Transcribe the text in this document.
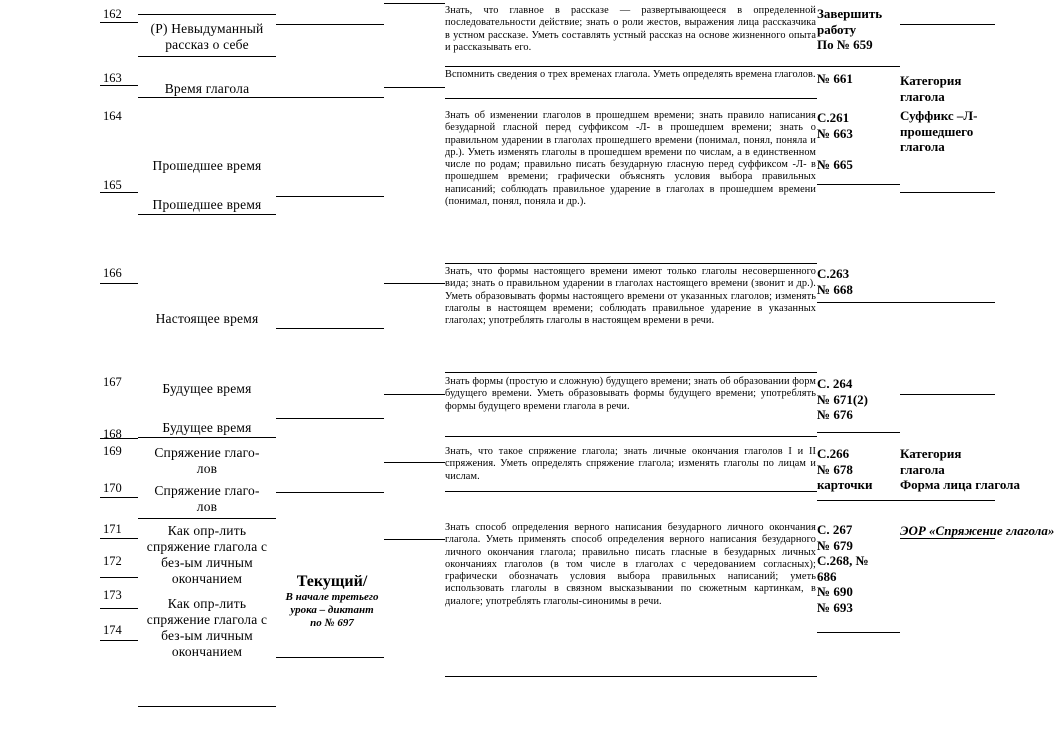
162
163
164
165
166
167
168
169
170
171
172
173
174
(Р) Невыдуманный рассказ о себе
Время глагола
Прошедшее время
Прошедшее время
Настоящее время
Будущее время
Будущее время
Спряжение глаго-лов
Спряжение глаго-лов
Как опр-лить спряжение глагола с без-ым личным окончанием
Как опр-лить спряжение глагола с без-ым личным окончанием
Текущий/
В начале третьего урока – диктант по № 697
Знать, что главное в рассказе — развертывающееся в определенной последовательности действие; знать о роли жестов, выражения лица рассказчика в устном рассказе. Уметь составлять устный рассказ на основе жизненного опыта и рассказывать его.
Вспомнить сведения о трех временах глагола. Уметь определять времена глаголов.
Знать об изменении глаголов в прошедшем времени; знать правило написания безударной гласной перед суффиксом -Л- в прошедшем времени; знать о правильном ударении в глаголах прошедшего времени (понимал, понял, поняла и др.). Уметь изменять глаголы в прошедшем времени по числам, а в единственном числе по родам; правильно писать безударную гласную перед суффиксом -Л- в прошедшем времени; графически объяснять условия выбора правильных написаний; соблюдать правильное ударение в глаголах в прошедшем времени (понимал, понял, поняла и др.).
Знать, что формы настоящего времени имеют только глаголы несовершенного вида; знать о правильном ударении в глаголах настоящего времени (звонит и др.). Уметь образовывать формы настоящего времени от указанных глаголов; изменять глаголы в настоящем времени; соблюдать правильное ударение в указанных глаголах; употреблять глаголы в настоящем времени в речи.
Знать формы (простую и сложную) будущего времени; знать об образовании форм будущего времени. Уметь образовывать формы будущего времени; употреблять формы будущего времени глагола в речи.
Знать, что такое спряжение глагола; знать личные окончания глаголов I и II спряжения. Уметь определять спряжение глагола; изменять глаголы по лицам и числам.
Знать способ определения верного написания безударного личного окончания глагола. Уметь применять способ определения верного написания безударного личного окончания глагола; правильно писать гласные в безударных личных окончаниях глаголов (в том числе в глаголах с чередованием согласных); графически обозначать условия выбора правильных написаний; уметь использовать глаголы в связном высказывании по сюжетным картинкам, в диалоге; употреблять глаголы-синонимы в речи.
Завершить
работу
По № 659
№ 661
С.261
№ 663

№ 665
С.263
№ 668
С. 264
№ 671(2)
№ 676
С.266
№ 678
карточки
С. 267
№ 679
С.268, №
686
№ 690
№ 693
Категория
глагола
Суффикс –Л-
прошедшего
глагола
Категория
глагола
Форма лица глагола
ЭОР «Спряжение глагола»
